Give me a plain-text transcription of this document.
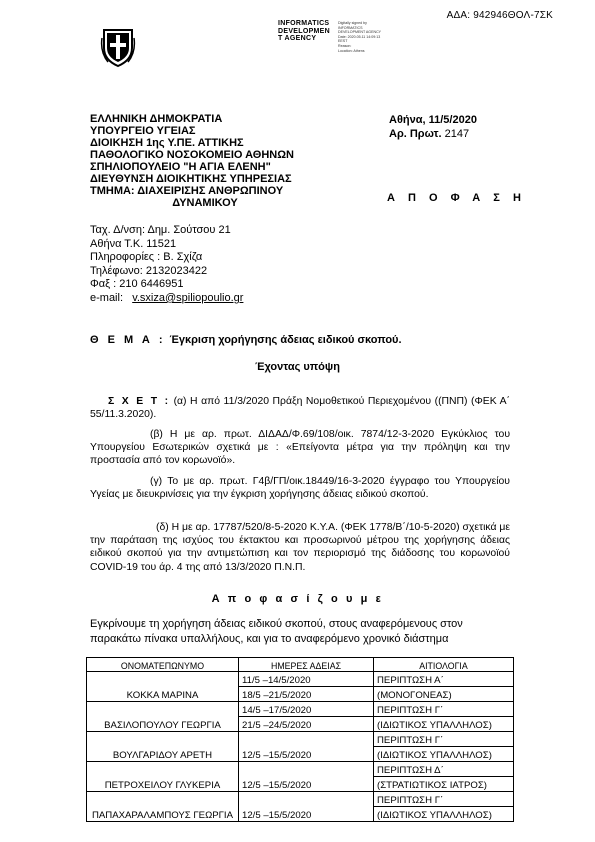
ΑΔΑ: 942946ΘΟΛ-7ΣΚ
INFORMATICS
DEVELOPMEN
T AGENCY
Digitally signed by
INFORMATICS
DEVELOPMENT AGENCY
Date: 2020.05.11 14:09:13
EEST
Reason:
Location: Athens
ΕΛΛΗΝΙΚΗ ΔΗΜΟΚΡΑΤΙΑ
ΥΠΟΥΡΓΕΙΟ ΥΓΕΙΑΣ
ΔΙΟΙΚΗΣΗ 1ης Υ.ΠΕ. ΑΤΤΙΚΗΣ
ΠΑΘΟΛΟΓΙΚΟ ΝΟΣΟΚΟΜΕΙΟ ΑΘΗΝΩΝ
ΣΠΗΛΙΟΠΟΥΛΕΙΟ "Η ΑΓΙΑ ΕΛΕΝΗ"
ΔΙΕΥΘΥΝΣΗ ΔΙΟΙΚΗΤΙΚΗΣ ΥΠΗΡΕΣΙΑΣ
ΤΜΗΜΑ: ΔΙΑΧΕΙΡΙΣΗΣ ΑΝΘΡΩΠΙΝΟΥ
ΔΥΝΑΜΙΚΟΥ
Αθήνα, 11/5/2020
Αρ. Πρωτ. 2147
Α Π Ο Φ Α Σ Η
Ταχ. Δ/νση: Δημ. Σούτσου 21
Αθήνα Τ.Κ. 11521
Πληροφορίες : Β. Σχίζα
Τηλέφωνο: 2132023422
Φαξ : 210 6446951
e-mail: v.sxiza@spiliopoulio.gr
Θ Ε Μ Α : Έγκριση χορήγησης άδειας ειδικού σκοπού.
Έχοντας υπόψη
Σ Χ Ε Τ : (α) Η από 11/3/2020 Πράξη Νομοθετικού Περιεχομένου ((ΠΝΠ) (ΦΕΚ Α΄ 55/11.3.2020).
(β) Η με αρ. πρωτ. ΔΙΔΑΔ/Φ.69/108/οικ. 7874/12-3-2020 Εγκύκλιος του Υπουργείου Εσωτερικών σχετικά με : «Επείγοντα μέτρα για την πρόληψη και την προστασία από τον κορωνοϊό».
(γ) Το με αρ. πρωτ. Γ4β/ΓΠ/οικ.18449/16-3-2020 έγγραφο του Υπουργείου Υγείας με διευκρινίσεις για την έγκριση χορήγησης άδειας ειδικού σκοπού.
(δ) Η με αρ. 17787/520/8-5-2020 Κ.Υ.Α. (ΦΕΚ 1778/Β΄/10-5-2020) σχετικά με την παράταση της ισχύος του έκτακτου και προσωρινού μέτρου της χορήγησης άδειας ειδικού σκοπού για την αντιμετώπιση και τον περιορισμό της διάδοσης του κορωνοϊού COVID-19 του άρ. 4 της από 13/3/2020 Π.Ν.Π.
Α π ο φ α σ ί ζ ο υ μ ε
Εγκρίνουμε τη χορήγηση άδειας ειδικού σκοπού, στους αναφερόμενους στον παρακάτω πίνακα υπαλλήλους, και για το αναφερόμενο χρονικό διάστημα
ΟΝΟΜΑΤΕΠΩΝΥΜΟ	ΗΜΕΡΕΣ ΑΔΕΙΑΣ	ΑΙΤΙΟΛΟΓΙΑ
ΚΟΚΚΑ ΜΑΡΙΝΑ	11/5 –14/5/2020	ΠΕΡΙΠΤΩΣΗ Α΄
	18/5 –21/5/2020	(ΜΟΝΟΓΟΝΕΑΣ)
ΒΑΣΙΛΟΠΟΥΛΟΥ ΓΕΩΡΓΙΑ	14/5 –17/5/2020	ΠΕΡΙΠΤΩΣΗ Γ΄
	21/5 –24/5/2020	(ΙΔΙΩΤΙΚΟΣ ΥΠΑΛΛΗΛΟΣ)
ΒΟΥΛΓΑΡΙΔΟΥ ΑΡΕΤΗ	12/5 –15/5/2020	ΠΕΡΙΠΤΩΣΗ Γ΄
		(ΙΔΙΩΤΙΚΟΣ ΥΠΑΛΛΗΛΟΣ)
ΠΕΤΡΟΧΕΙΛΟΥ ΓΛΥΚΕΡΙΑ	12/5 –15/5/2020	ΠΕΡΙΠΤΩΣΗ Δ΄
		(ΣΤΡΑΤΙΩΤΙΚΟΣ ΙΑΤΡΟΣ)
ΠΑΠΑΧΑΡΑΛΑΜΠΟΥΣ ΓΕΩΡΓΙΑ	12/5 –15/5/2020	ΠΕΡΙΠΤΩΣΗ Γ΄
		(ΙΔΙΩΤΙΚΟΣ ΥΠΑΛΛΗΛΟΣ)
